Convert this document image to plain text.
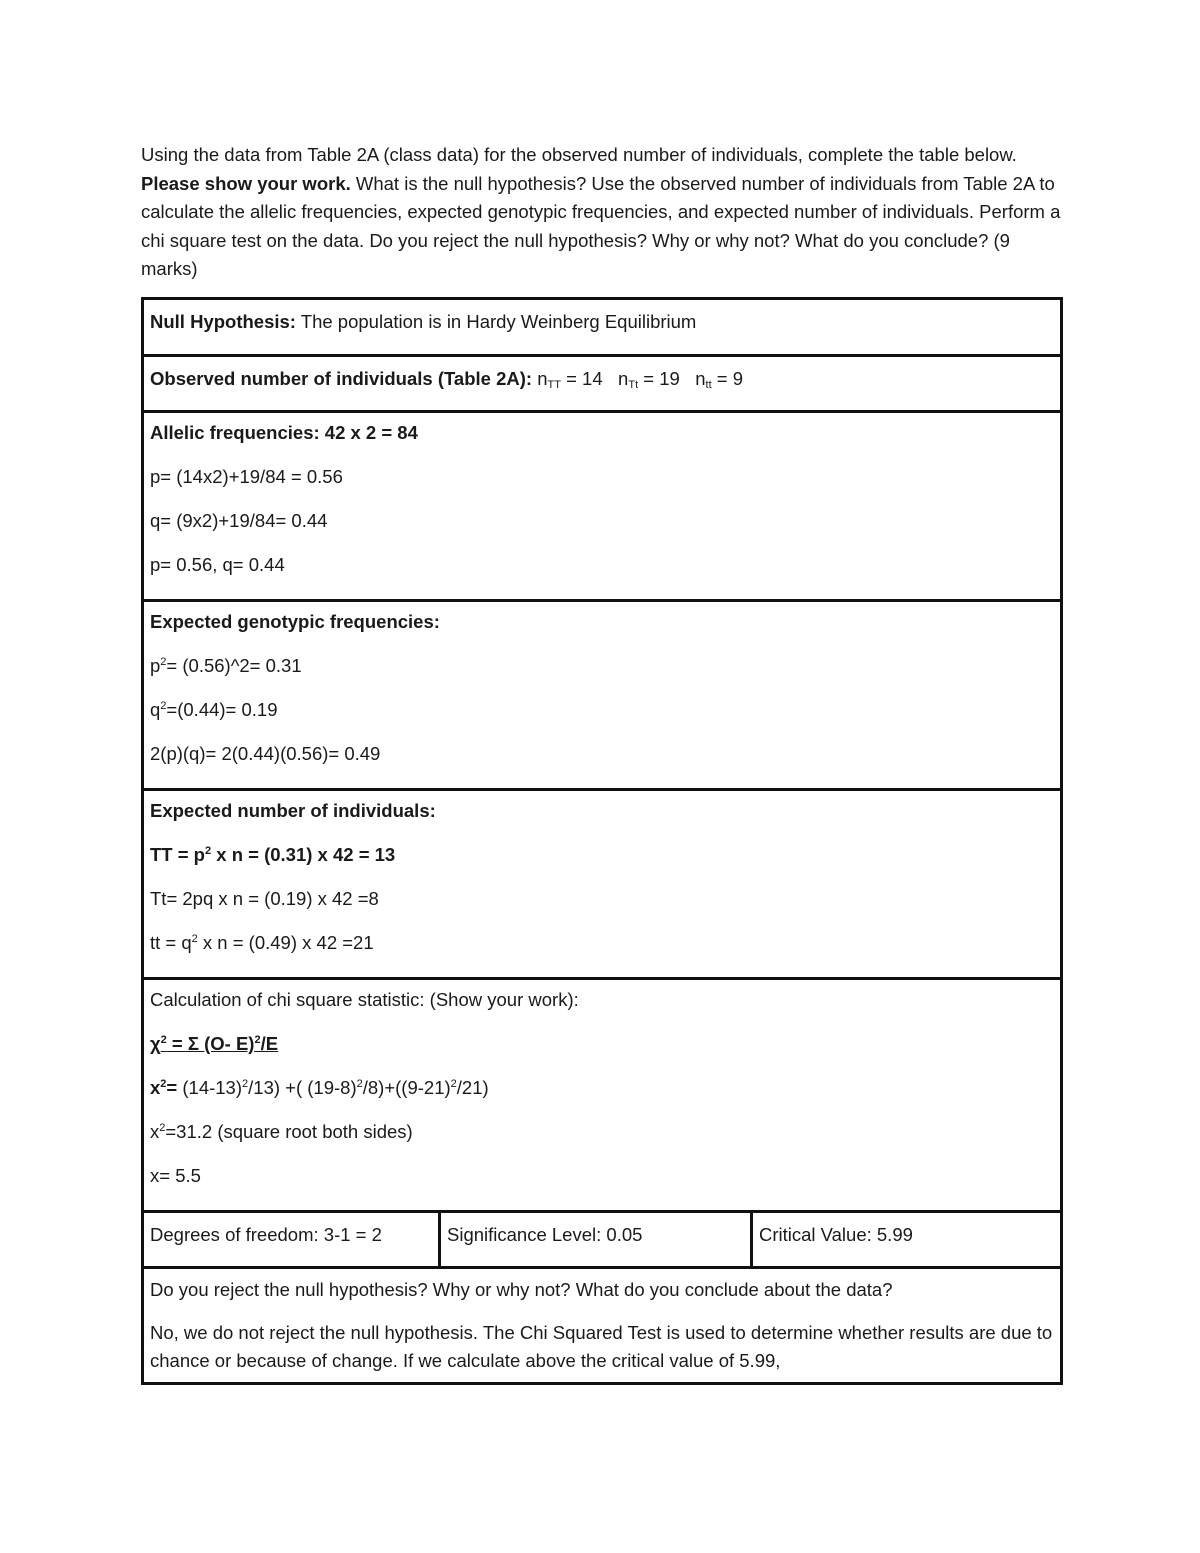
Using the data from Table 2A (class data) for the observed number of individuals, complete the table below. Please show your work. What is the null hypothesis? Use the observed number of individuals from Table 2A to calculate the allelic frequencies, expected genotypic frequencies, and expected number of individuals. Perform a chi square test on the data. Do you reject the null hypothesis? Why or why not? What do you conclude? (9 marks)
Null Hypothesis: The population is in Hardy Weinberg Equilibrium

Observed number of individuals (Table 2A): $n_{TT} = 14$ $n_{Tt} = 19$ $n_{tt} = 9$

Allelic frequencies: 42 x 2 = 84

p= (14x2)+19/84 = 0.56

q= (9x2)+19/84= 0.44

p= 0.56, q= 0.44

Expected genotypic frequencies:

$p^2=$ (0.56)^2= 0.31

$q^2=(0.44)= 0.19$

2(p)(q)= 2(0.44)(0.56)= 0.49

Expected number of individuals:

TT = $p^2$ x n = (0.31) x 42 = 13

Tt= 2pq x n = (0.19) x 42 =8

tt = $q^2$ x n = (0.49) x 42 =21

Calculation of chi square statistic: (Show your work):

$\chi^2 = \Sigma$ (O- E)$^2$/E

$x^2= (14-13)^2/13$) +( $(19-8)^2/8)+((9-21)^2/21)$

$x^2=31.2$ (square root both sides)

x= 5.5

Degrees of freedom: 3-1 = 2	Significance Level: 0.05	Critical Value: 5.99

Do you reject the null hypothesis? Why or why not? What do you conclude about the data?

No, we do not reject the null hypothesis. The Chi Squared Test is used to determine whether results are due to chance or because of change. If we calculate above the critical value of 5.99,
